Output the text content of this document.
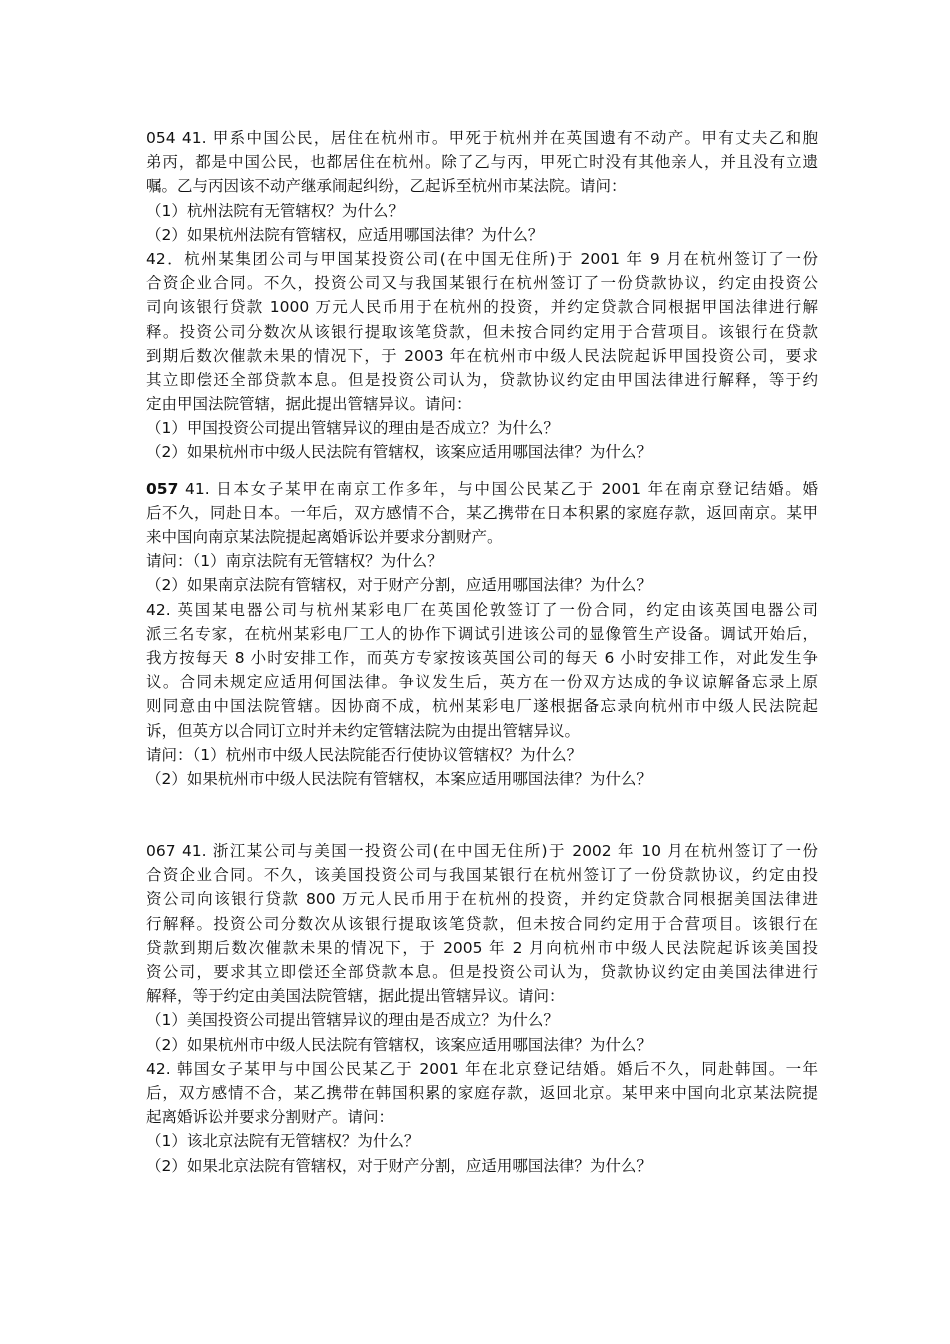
054 41. 甲系中国公民，居住在杭州市。甲死于杭州并在英国遗有不动产。甲有丈夫乙和胞
弟丙，都是中国公民，也都居住在杭州。除了乙与丙，甲死亡时没有其他亲人，并且没有立遗
嘱。乙与丙因该不动产继承闹起纠纷，乙起诉至杭州市某法院。请问：
（1）杭州法院有无管辖权？为什么？
（2）如果杭州法院有管辖权，应适用哪国法律？为什么？
42．杭州某集团公司与甲国某投资公司(在中国无住所)于 2001 年 9 月在杭州签订了一份
合资企业合同。不久，投资公司又与我国某银行在杭州签订了一份贷款协议，约定由投资公
司向该银行贷款 1000 万元人民币用于在杭州的投资，并约定贷款合同根据甲国法律进行解
释。投资公司分数次从该银行提取该笔贷款，但未按合同约定用于合营项目。该银行在贷款
到期后数次催款未果的情况下，于 2003 年在杭州市中级人民法院起诉甲国投资公司，要求
其立即偿还全部贷款本息。但是投资公司认为，贷款协议约定由甲国法律进行解释，等于约
定由甲国法院管辖，据此提出管辖异议。请问：
（1）甲国投资公司提出管辖异议的理由是否成立？为什么？
（2）如果杭州市中级人民法院有管辖权，该案应适用哪国法律？为什么？
057 41. 日本女子某甲在南京工作多年，与中国公民某乙于 2001 年在南京登记结婚。婚
后不久，同赴日本。一年后，双方感情不合，某乙携带在日本积累的家庭存款，返回南京。某甲
来中国向南京某法院提起离婚诉讼并要求分割财产。
请问：（1）南京法院有无管辖权？为什么？
（2）如果南京法院有管辖权，对于财产分割，应适用哪国法律？为什么？
42. 英国某电器公司与杭州某彩电厂在英国伦敦签订了一份合同，约定由该英国电器公司
派三名专家，在杭州某彩电厂工人的协作下调试引进该公司的显像管生产设备。调试开始后，
我方按每天 8 小时安排工作，而英方专家按该英国公司的每天 6 小时安排工作，对此发生争
议。合同未规定应适用何国法律。争议发生后，英方在一份双方达成的争议谅解备忘录上原
则同意由中国法院管辖。因协商不成，杭州某彩电厂遂根据备忘录向杭州市中级人民法院起
诉，但英方以合同订立时并未约定管辖法院为由提出管辖异议。
请问：（1）杭州市中级人民法院能否行使协议管辖权？为什么？
（2）如果杭州市中级人民法院有管辖权，本案应适用哪国法律？为什么？
067 41. 浙江某公司与美国一投资公司(在中国无住所)于 2002 年 10 月在杭州签订了一份
合资企业合同。不久，该美国投资公司与我国某银行在杭州签订了一份贷款协议，约定由投
资公司向该银行贷款 800 万元人民币用于在杭州的投资，并约定贷款合同根据美国法律进
行解释。投资公司分数次从该银行提取该笔贷款，但未按合同约定用于合营项目。该银行在
贷款到期后数次催款未果的情况下，于 2005 年 2 月向杭州市中级人民法院起诉该美国投
资公司，要求其立即偿还全部贷款本息。但是投资公司认为，贷款协议约定由美国法律进行
解释，等于约定由美国法院管辖，据此提出管辖异议。请问：
（1）美国投资公司提出管辖异议的理由是否成立？为什么？
（2）如果杭州市中级人民法院有管辖权，该案应适用哪国法律？为什么？
42. 韩国女子某甲与中国公民某乙于 2001 年在北京登记结婚。婚后不久，同赴韩国。一年
后，双方感情不合，某乙携带在韩国积累的家庭存款，返回北京。某甲来中国向北京某法院提
起离婚诉讼并要求分割财产。请问：
（1）该北京法院有无管辖权？为什么？
（2）如果北京法院有管辖权，对于财产分割，应适用哪国法律？为什么？
